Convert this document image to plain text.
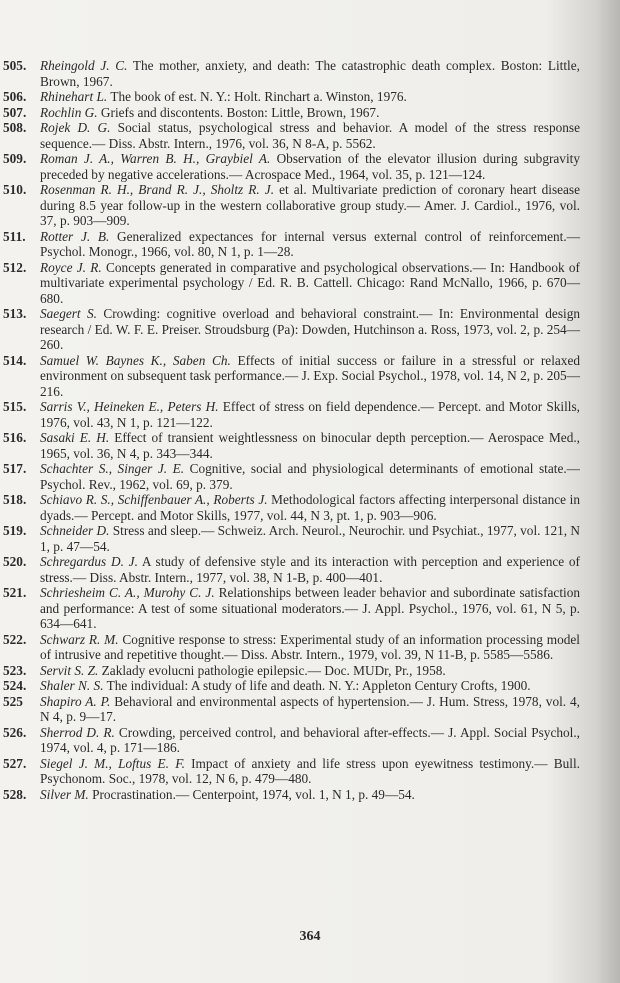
505. Rheingold J. C. The mother, anxiety, and death: The catastrophic death complex. Boston: Little, Brown, 1967.

506. Rhinehart L. The book of est. N. Y.: Holt. Rinchart a. Winston, 1976.

507. Rochlin G. Griefs and discontents. Boston: Little, Brown, 1967.

508. Rojek D. G. Social status, psychological stress and behavior. A model of the stress response sequence.— Diss. Abstr. Intern., 1976, vol. 36, N 8-A, p. 5562.

509. Roman J. A., Warren B. H., Graybiel A. Observation of the elevator illusion during subgravity preceded by negative accelerations.— Acrospace Med., 1964, vol. 35, p. 121—124.

510. Rosenman R. H., Brand R. J., Sholtz R. J. et al. Multivariate prediction of coronary heart disease during 8.5 year follow-up in the western collaborative group study.— Amer. J. Cardiol., 1976, vol. 37, p. 903—909.

511. Rotter J. B. Generalized expectances for internal versus external control of reinforcement.— Psychol. Monogr., 1966, vol. 80, N 1, p. 1—28.

512. Royce J. R. Concepts generated in comparative and psychological observations.— In: Handbook of multivariate experimental psychology / Ed. R. B. Cattell. Chicago: Rand McNallo, 1966, p. 670—680.

513. Saegert S. Crowding: cognitive overload and behavioral constraint.— In: Environmental design research / Ed. W. F. E. Preiser. Stroudsburg (Pa): Dowden, Hutchinson a. Ross, 1973, vol. 2, p. 254—260.

514. Samuel W. Baynes K., Saben Ch. Effects of initial success or failure in a stressful or relaxed environment on subsequent task performance.— J. Exp. Social Psychol., 1978, vol. 14, N 2, p. 205—216.

515. Sarris V., Heineken E., Peters H. Effect of stress on field dependence.— Percept. and Motor Skills, 1976, vol. 43, N 1, p. 121—122.

516. Sasaki E. H. Effect of transient weightlessness on binocular depth perception.— Aerospace Med., 1965, vol. 36, N 4, p. 343—344.

517. Schachter S., Singer J. E. Cognitive, social and physiological determinants of emotional state.— Psychol. Rev., 1962, vol. 69, p. 379.

518. Schiavo R. S., Schiffenbauer A., Roberts J. Methodological factors affecting interpersonal distance in dyads.— Percept. and Motor Skills, 1977, vol. 44, N 3, pt. 1, p. 903—906.

519. Schneider D. Stress and sleep.— Schweiz. Arch. Neurol., Neurochir. und Psychiat., 1977, vol. 121, N 1, p. 47—54.

520. Schregardus D. J. A study of defensive style and its interaction with perception and experience of stress.— Diss. Abstr. Intern., 1977, vol. 38, N 1-B, p. 400—401.

521. Schriesheim C. A., Murohy C. J. Relationships between leader behavior and subordinate satisfaction and performance: A test of some situational moderators.— J. Appl. Psychol., 1976, vol. 61, N 5, p. 634—641.

522. Schwarz R. M. Cognitive response to stress: Experimental study of an information processing model of intrusive and repetitive thought.— Diss. Abstr. Intern., 1979, vol. 39, N 11-B, p. 5585—5586.

523. Servit S. Z. Zaklady evolucni pathologie epilepsic.— Doc. MUDr, Pr., 1958.

524. Shaler N. S. The individual: A study of life and death. N. Y.: Appleton Century Crofts, 1900.

525 Shapiro A. P. Behavioral and environmental aspects of hypertension.— J. Hum. Stress, 1978, vol. 4, N 4, p. 9—17.

526. Sherrod D. R. Crowding, perceived control, and behavioral after-effects.— J. Appl. Social Psychol., 1974, vol. 4, p. 171—186.

527. Siegel J. M., Loftus E. F. Impact of anxiety and life stress upon eyewitness testimony.— Bull. Psychonom. Soc., 1978, vol. 12, N 6, p. 479—480.

528. Silver M. Procrastination.— Centerpoint, 1974, vol. 1, N 1, p. 49—54.

364
